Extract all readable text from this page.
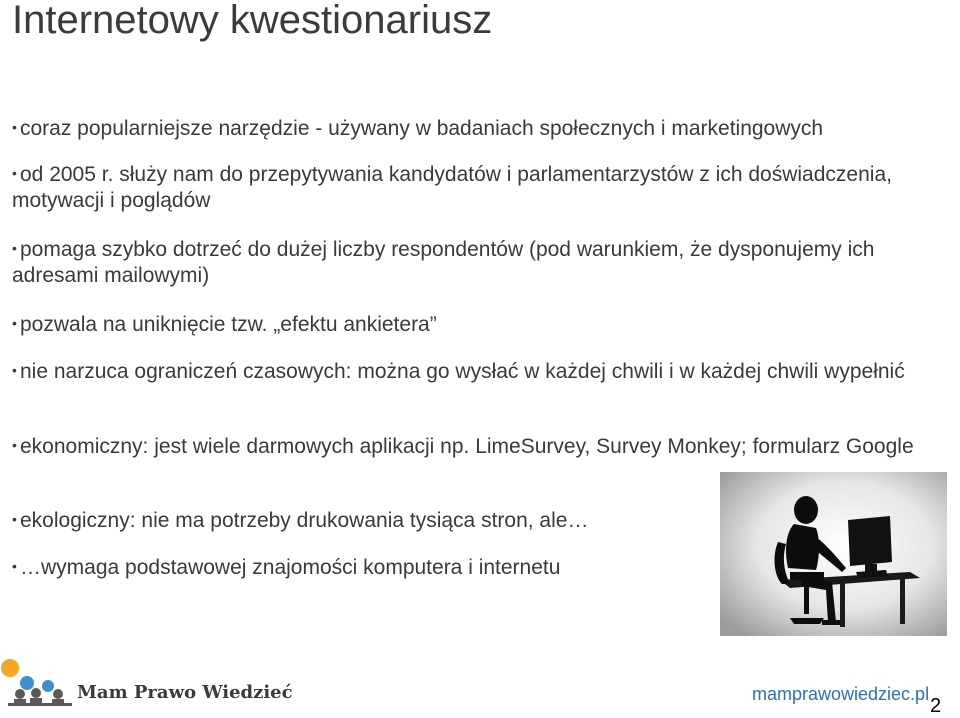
Internetowy kwestionariusz
• coraz popularniejsze narzędzie - używany w badaniach społecznych i marketingowych
• od 2005 r. służy nam do przepytywania kandydatów i parlamentarzystów z ich doświadczenia, motywacji i poglądów
• pomaga szybko dotrzeć do dużej liczby respondentów (pod warunkiem, że dysponujemy ich adresami mailowymi)
• pozwala na uniknięcie tzw. „efektu ankietera”
• nie narzuca ograniczeń czasowych: można go wysłać w każdej chwili i w każdej chwili wypełnić
• ekonomiczny: jest wiele darmowych aplikacji np. LimeSurvey, Survey Monkey; formularz Google
• ekologiczny: nie ma potrzeby drukowania tysiąca stron, ale…
• …wymaga podstawowej znajomości komputera i internetu
Mam Prawo Wiedzieć	mamprawowiedziec.pl
2
